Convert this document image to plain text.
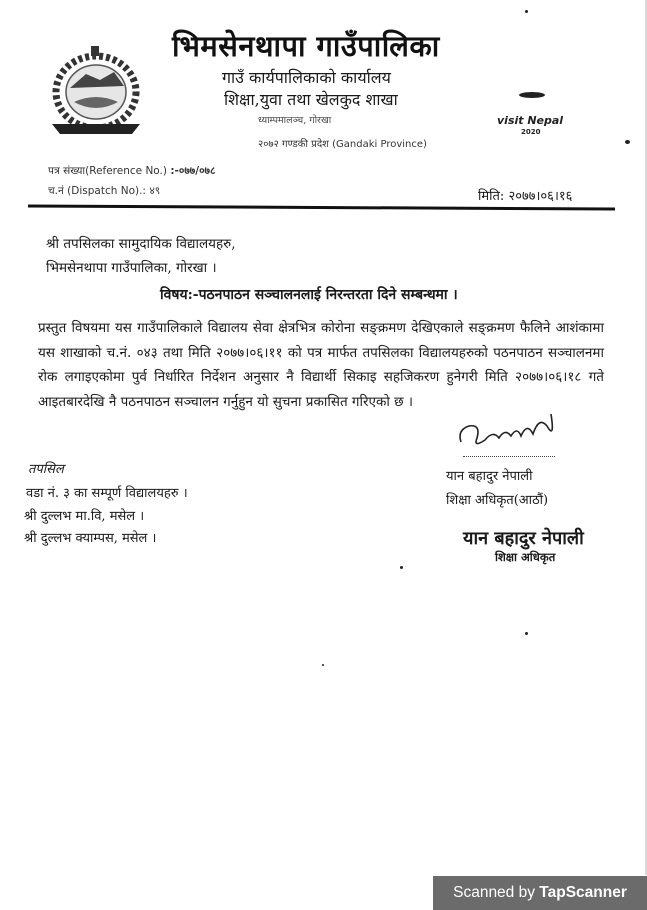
भिमसेनथापा गाउँपालिका
गाउँ कार्यपालिकाको कार्यालय
शिक्षा,युवा तथा खेलकुद शाखा
ध्याम्पमालञ्च, गोरखा
२०७२ गण्डकी प्रदेश (Gandaki Province)
visit Nepal
2020
पत्र संख्या(Reference No.) :-०७७/०७८
च.नं (Dispatch No).: ४९	मिति: २०७७।०६।१६
श्री तपसिलका सामुदायिक विद्यालयहरु,
भिमसेनथापा गाउँपालिका, गोरखा ।
विषय:-पठनपाठन सञ्चालनलाई निरन्तरता दिने सम्बन्धमा ।
प्रस्तुत विषयमा यस गाउँपालिकाले विद्यालय सेवा क्षेत्रभित्र कोरोना सङ्क्रमण देखिएकाले सङ्क्रमण फैलिने आशंकामा यस शाखाको च.नं. ०४३ तथा मिति २०७७।०६।११ को पत्र मार्फत तपसिलका विद्यालयहरुको पठनपाठन सञ्चालनमा रोक लगाइएकोमा पुर्व निर्धारित निर्देशन अनुसार नै विद्यार्थी सिकाइ सहजिकरण हुनेगरी मिति २०७७।०६।१८ गते आइतबारदेखि नै पठनपाठन सञ्चालन गर्नुहुन यो सुचना प्रकासित गरिएको छ ।
यान बहादुर नेपाली
शिक्षा अधिकृत(आठौं)
यान बहादुर नेपाली
शिक्षा अधिकृत
तपसिल
वडा नं. ३ का सम्पूर्ण विद्यालयहरु ।
श्री दुल्लभ मा.वि, मसेल ।
श्री दुल्लभ क्याम्पस, मसेल ।
Scanned by TapScanner
